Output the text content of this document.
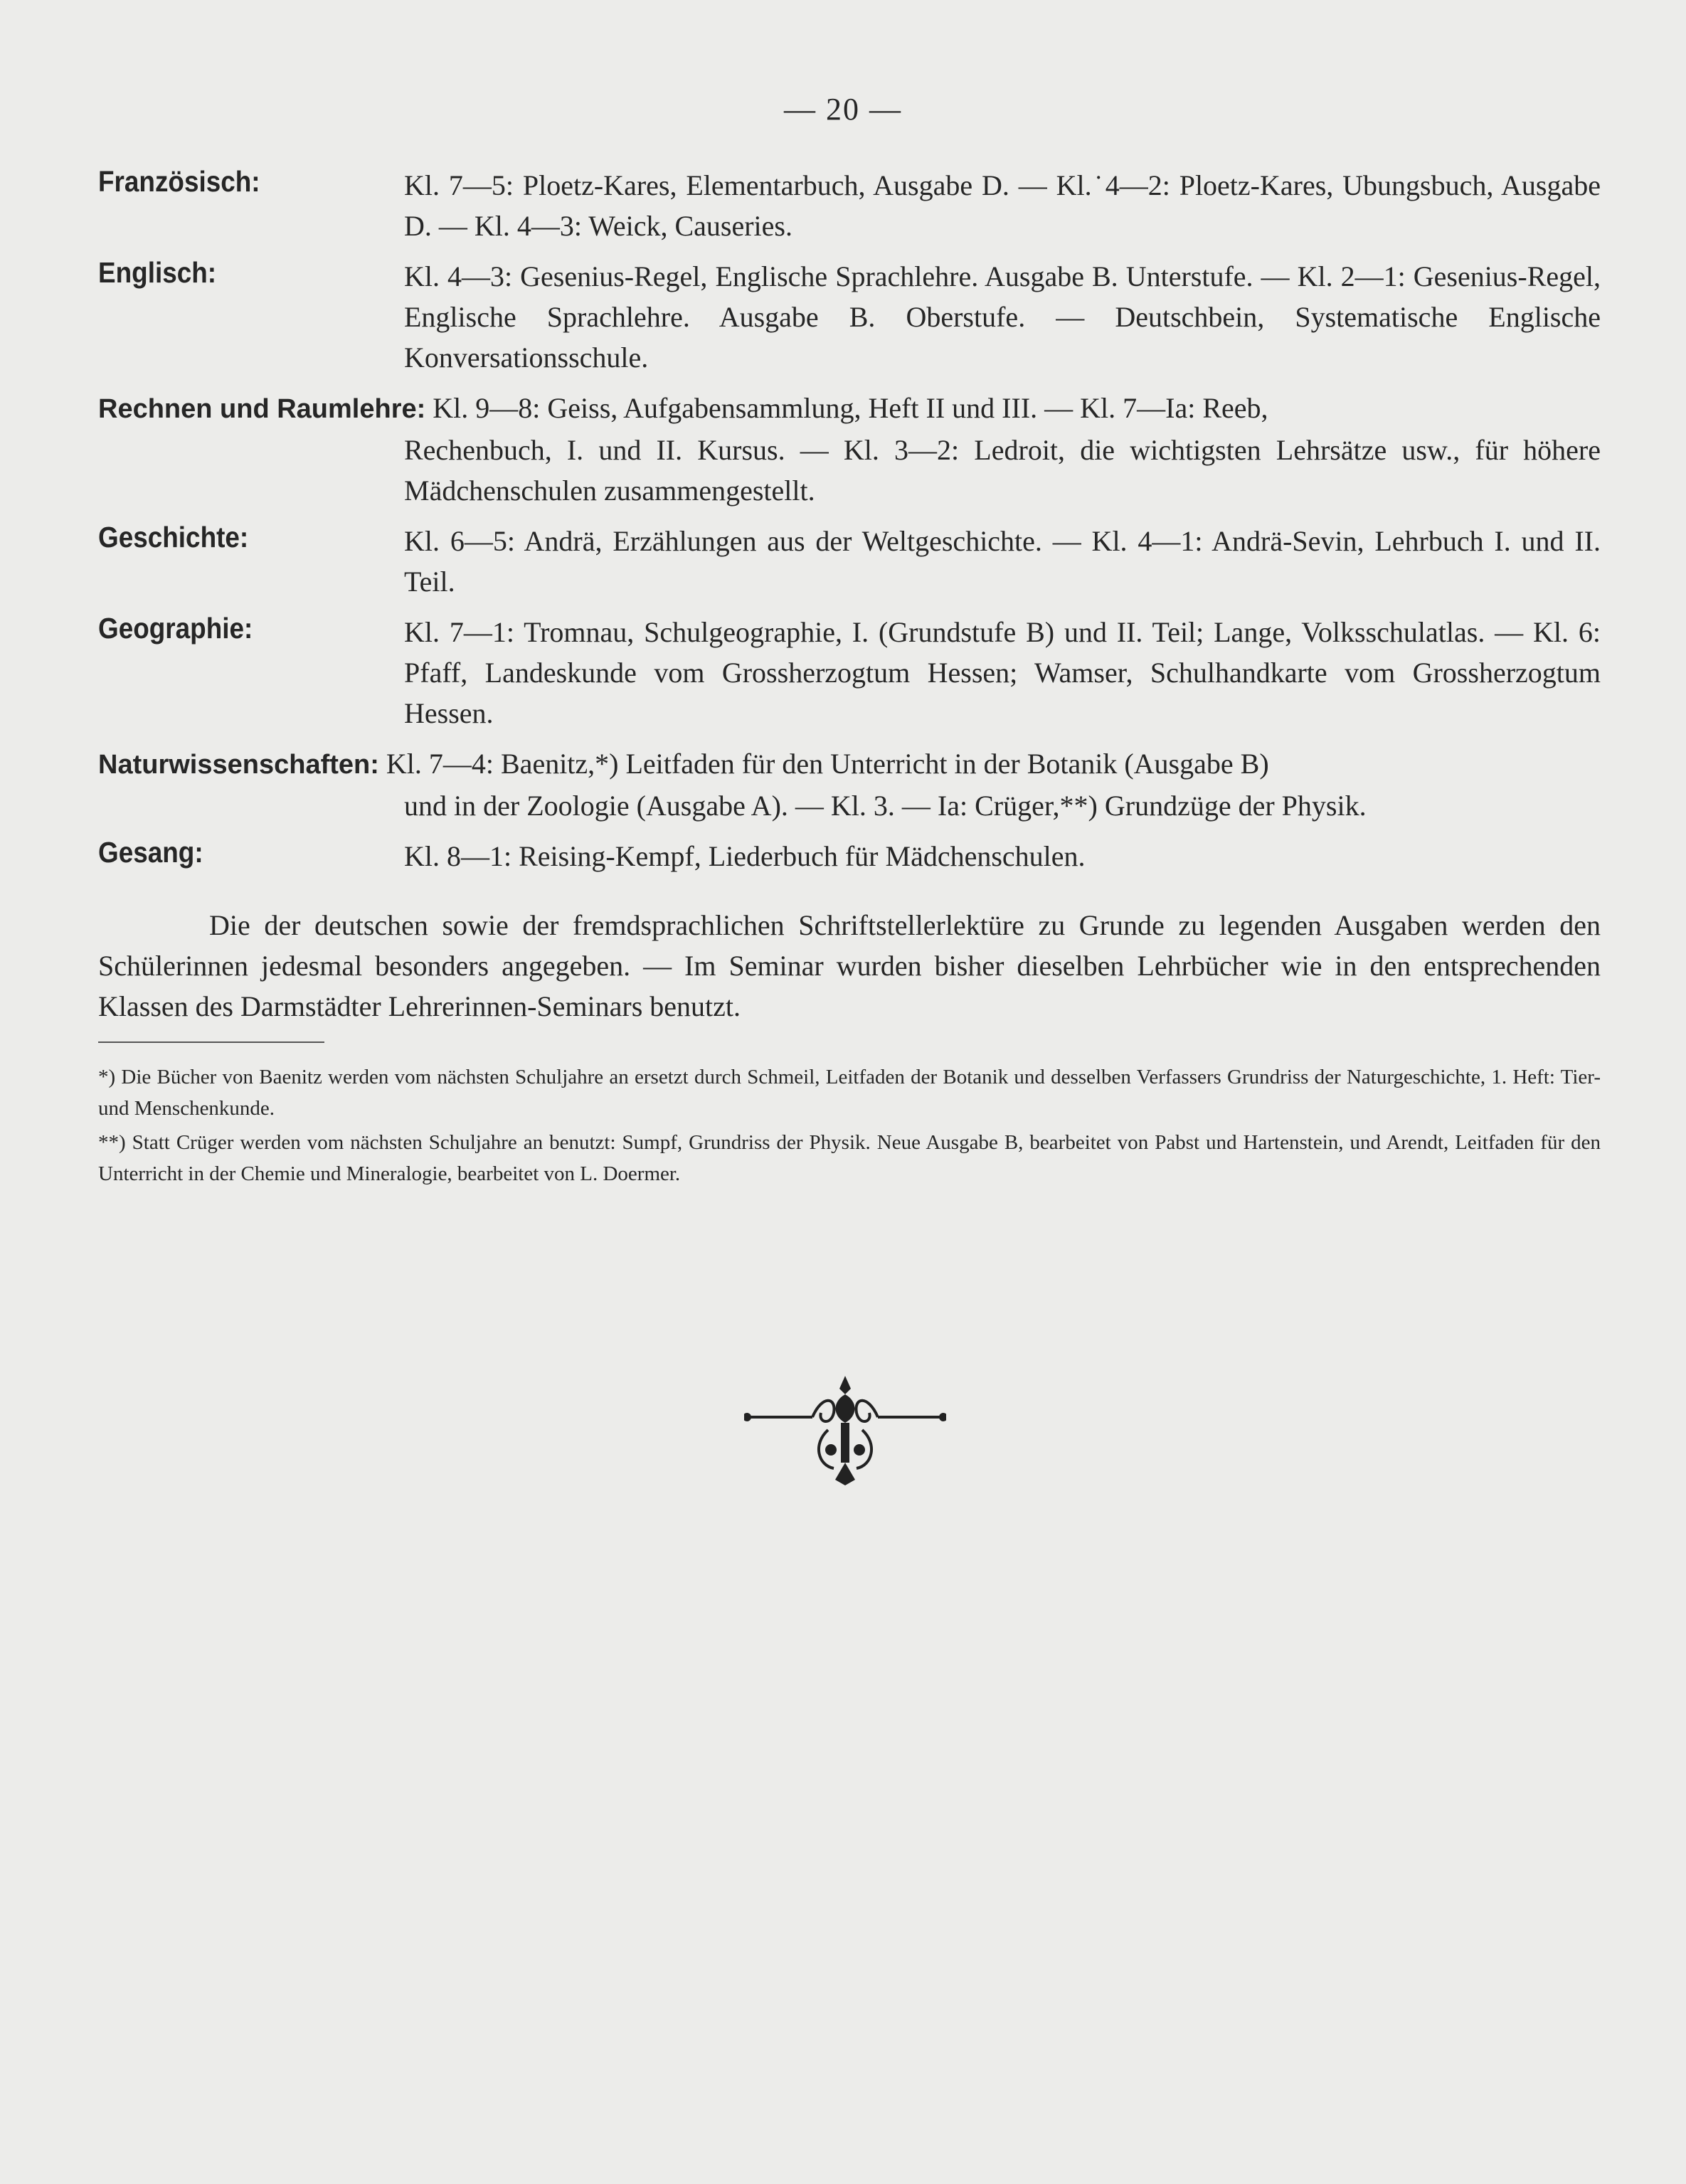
— 20 —
Französisch:	Kl. 7—5: Ploetz-Kares, Elementarbuch, Ausgabe D. — Kl.˙4—2: Ploetz-Kares, Ubungsbuch, Ausgabe D. — Kl. 4—3: Weick, Causeries.
Englisch:	Kl. 4—3: Gesenius-Regel, Englische Sprachlehre. Ausgabe B. Unterstufe. — Kl. 2—1: Gesenius-Regel, Englische Sprachlehre. Ausgabe B. Oberstufe. — Deutschbein, Systematische Englische Konversationsschule.
Rechnen und Raumlehre: Kl. 9—8: Geiss, Aufgabensammlung, Heft II und III. — Kl. 7—Ia: Reeb,
Rechenbuch, I. und II. Kursus. — Kl. 3—2: Ledroit, die wichtigsten Lehrsätze usw., für höhere Mädchenschulen zusammengestellt.
Geschichte:	Kl. 6—5: Andrä, Erzählungen aus der Weltgeschichte. — Kl. 4—1: Andrä-Sevin, Lehrbuch I. und II. Teil.
Geographie:	Kl. 7—1: Tromnau, Schulgeographie, I. (Grundstufe B) und II. Teil; Lange, Volksschulatlas. — Kl. 6: Pfaff, Landeskunde vom Grossherzogtum Hessen; Wamser, Schulhandkarte vom Grossherzogtum Hessen.
Naturwissenschaften: Kl. 7—4: Baenitz,*) Leitfaden für den Unterricht in der Botanik (Ausgabe B)
und in der Zoologie (Ausgabe A). — Kl. 3. — Ia: Crüger,**) Grundzüge der Physik.
Gesang:	Kl. 8—1: Reising-Kempf, Liederbuch für Mädchenschulen.
Die der deutschen sowie der fremdsprachlichen Schriftstellerlektüre zu Grunde zu legenden Ausgaben werden den Schülerinnen jedesmal besonders angegeben. — Im Seminar wurden bisher dieselben Lehrbücher wie in den entsprechenden Klassen des Darmstädter Lehrerinnen-Seminars benutzt.
*) Die Bücher von Baenitz werden vom nächsten Schuljahre an ersetzt durch Schmeil, Leitfaden der Botanik und desselben Verfassers Grundriss der Naturgeschichte, 1. Heft: Tier- und Menschenkunde.
**) Statt Crüger werden vom nächsten Schuljahre an benutzt: Sumpf, Grundriss der Physik. Neue Ausgabe B, bearbeitet von Pabst und Hartenstein, und Arendt, Leitfaden für den Unterricht in der Chemie und Mineralogie, bearbeitet von L. Doermer.
